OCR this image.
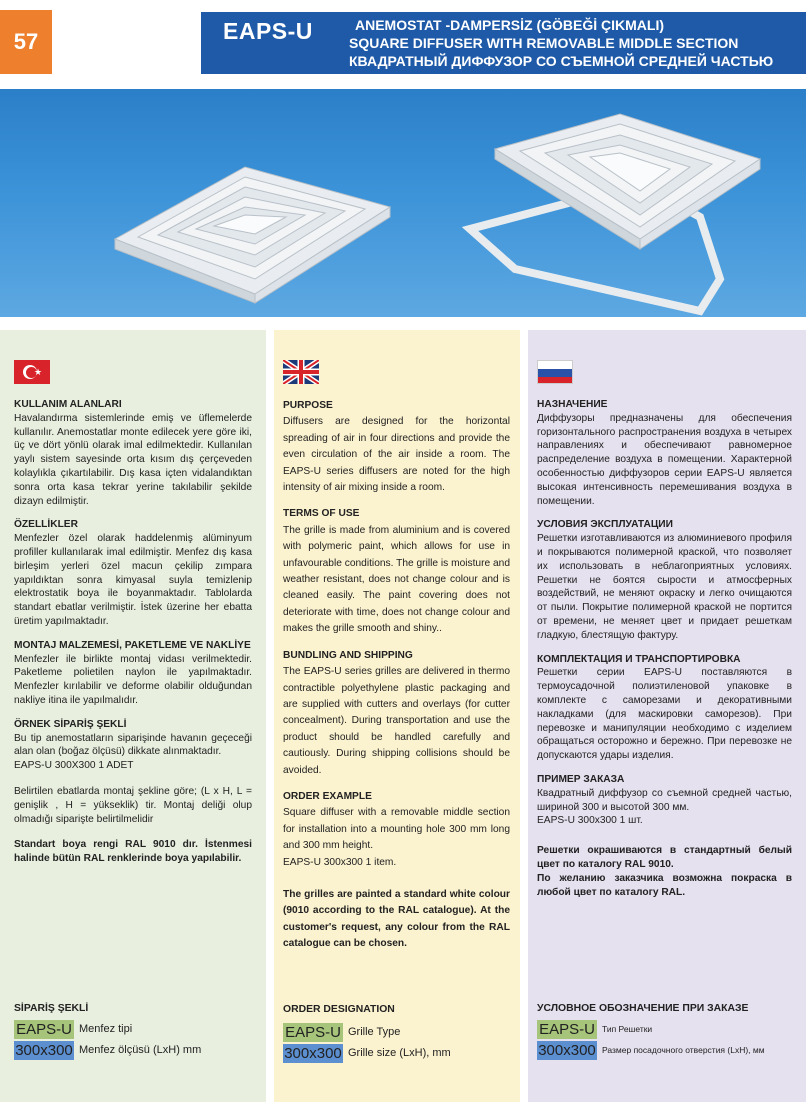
57	EAPS-U	ANEMOSTAT -DAMPERSİZ (GÖBEĞİ ÇIKMALI)
SQUARE DIFFUSER WITH REMOVABLE MIDDLE SECTION
КВАДРАТНЫЙ ДИФФУЗОР СО СЪЕМНОЙ СРЕДНЕЙ ЧАСТЬЮ
★
KULLANIM ALANLARI
Havalandırma sistemlerinde emiş ve üflemelerde kullanılır. Anemostatlar monte edilecek yere göre iki, üç ve dört yönlü olarak imal edilmektedir. Kullanılan yaylı sistem sayesinde orta kısım dış çerçeveden kolaylıkla çıkartılabilir. Dış kasa içten vidalandıktan sonra orta kasa tekrar yerine takılabilir şekilde dizayn edilmiştir.
ÖZELLİKLER
Menfezler özel olarak haddelenmiş alüminyum profiller kullanılarak imal edilmiştir. Menfez dış kasa birleşim yerleri özel macun çekilip zımpara yapıldıktan sonra kimyasal suyla temizlenip elektrostatik boya ile boyanmaktadır. Tablolarda standart ebatlar verilmiştir. İstek üzerine her ebatta üretim yapılmaktadır.
MONTAJ MALZEMESİ, PAKETLEME VE NAKLİYE
Menfezler ile birlikte montaj vidası verilmektedir. Paketleme polietilen naylon ile yapılmaktadır. Menfezler kırılabilir ve deforme olabilir olduğundan nakliye itina ile yapılmalıdır.
ÖRNEK SİPARİŞ ŞEKLİ
Bu tip anemostatların siparişinde havanın geçeceği alan olan (boğaz ölçüsü) dikkate alınmaktadır.
EAPS-U 300X300 1 ADET
Belirtilen ebatlarda montaj şekline göre; (L x H, L = genişlik , H = yükseklik) tir. Montaj deliği olup olmadığı siparişte belirtilmelidir
Standart boya rengi RAL 9010 dır. İstenmesi halinde bütün RAL renklerinde boya yapılabilir.
SİPARİŞ ŞEKLİ
EAPS-U Menfez tipi
300x300 Menfez ölçüsü (LxH) mm
PURPOSE
Diffusers are designed for the horizontal spreading of air in four directions and provide the even circulation of the air inside a room. The EAPS-U series diffusers are noted for the high intensity of air mixing inside a room.
TERMS OF USE
The grille is made from aluminium and is covered with polymeric paint, which allows for use in unfavourable conditions. The grille is moisture and weather resistant, does not change colour and is cleaned easily. The paint covering does not deteriorate with time, does not change colour and makes the grille smooth and shiny..
BUNDLING AND SHIPPING
The EAPS-U series grilles are delivered in thermo contractible polyethylene plastic packaging and are supplied with cutters and overlays (for cutter concealment). During transportation and use the product should be handled carefully and cautiously. During shipping collisions should be avoided.
ORDER EXAMPLE
Square diffuser with a removable middle section for installation into a mounting hole 300 mm long and 300 mm height.
EAPS-U 300x300 1 item.
The grilles are painted a standard white colour (9010 according to the RAL catalogue). At the customer's request, any colour from the RAL catalogue can be chosen.
ORDER DESIGNATION
EAPS-U Grille Type
300x300 Grille size (LxH), mm
НАЗНАЧЕНИЕ
Диффузоры предназначены для обеспечения горизонтального распространения воздуха в четырех направлениях и обеспечивают равномерное распределение воздуха в помещении. Характерной особенностью диффузоров серии EAPS-U является высокая интенсивность перемешивания воздуха в помещении.
УСЛОВИЯ ЭКСПЛУАТАЦИИ
Решетки изготавливаются из алюминиевого профиля и покрываются полимерной краской, что позволяет их использовать в неблагоприятных условиях. Решетки не боятся сырости и атмосферных воздействий, не меняют окраску и легко очищаются от пыли. Покрытие полимерной краской не портится от времени, не меняет цвет и придает решеткам гладкую, блестящую фактуру.
КОМПЛЕКТАЦИЯ И ТРАНСПОРТИРОВКА
Решетки серии EAPS-U поставляются в термоусадочной полиэтиленовой упаковке в комплекте с саморезами и декоративными накладками (для маскировки саморезов). При перевозке и манипуляции необходимо с изделием обращаться осторожно и бережно. При перевозке не допускаются удары изделия.
ПРИМЕР ЗАКАЗА
Квадратный диффузор со съемной средней частью, шириной 300 и высотой 300 мм.
EAPS-U 300x300 1 шт.
Решетки окрашиваются в стандартный белый цвет по каталогу RAL 9010.
По желанию заказчика возможна покраска в любой цвет по каталогу RAL.
УСЛОВНОЕ ОБОЗНАЧЕНИЕ ПРИ ЗАКАЗЕ
EAPS-U Тип Решетки
300x300 Размер посадочного отверстия (LxH), мм
